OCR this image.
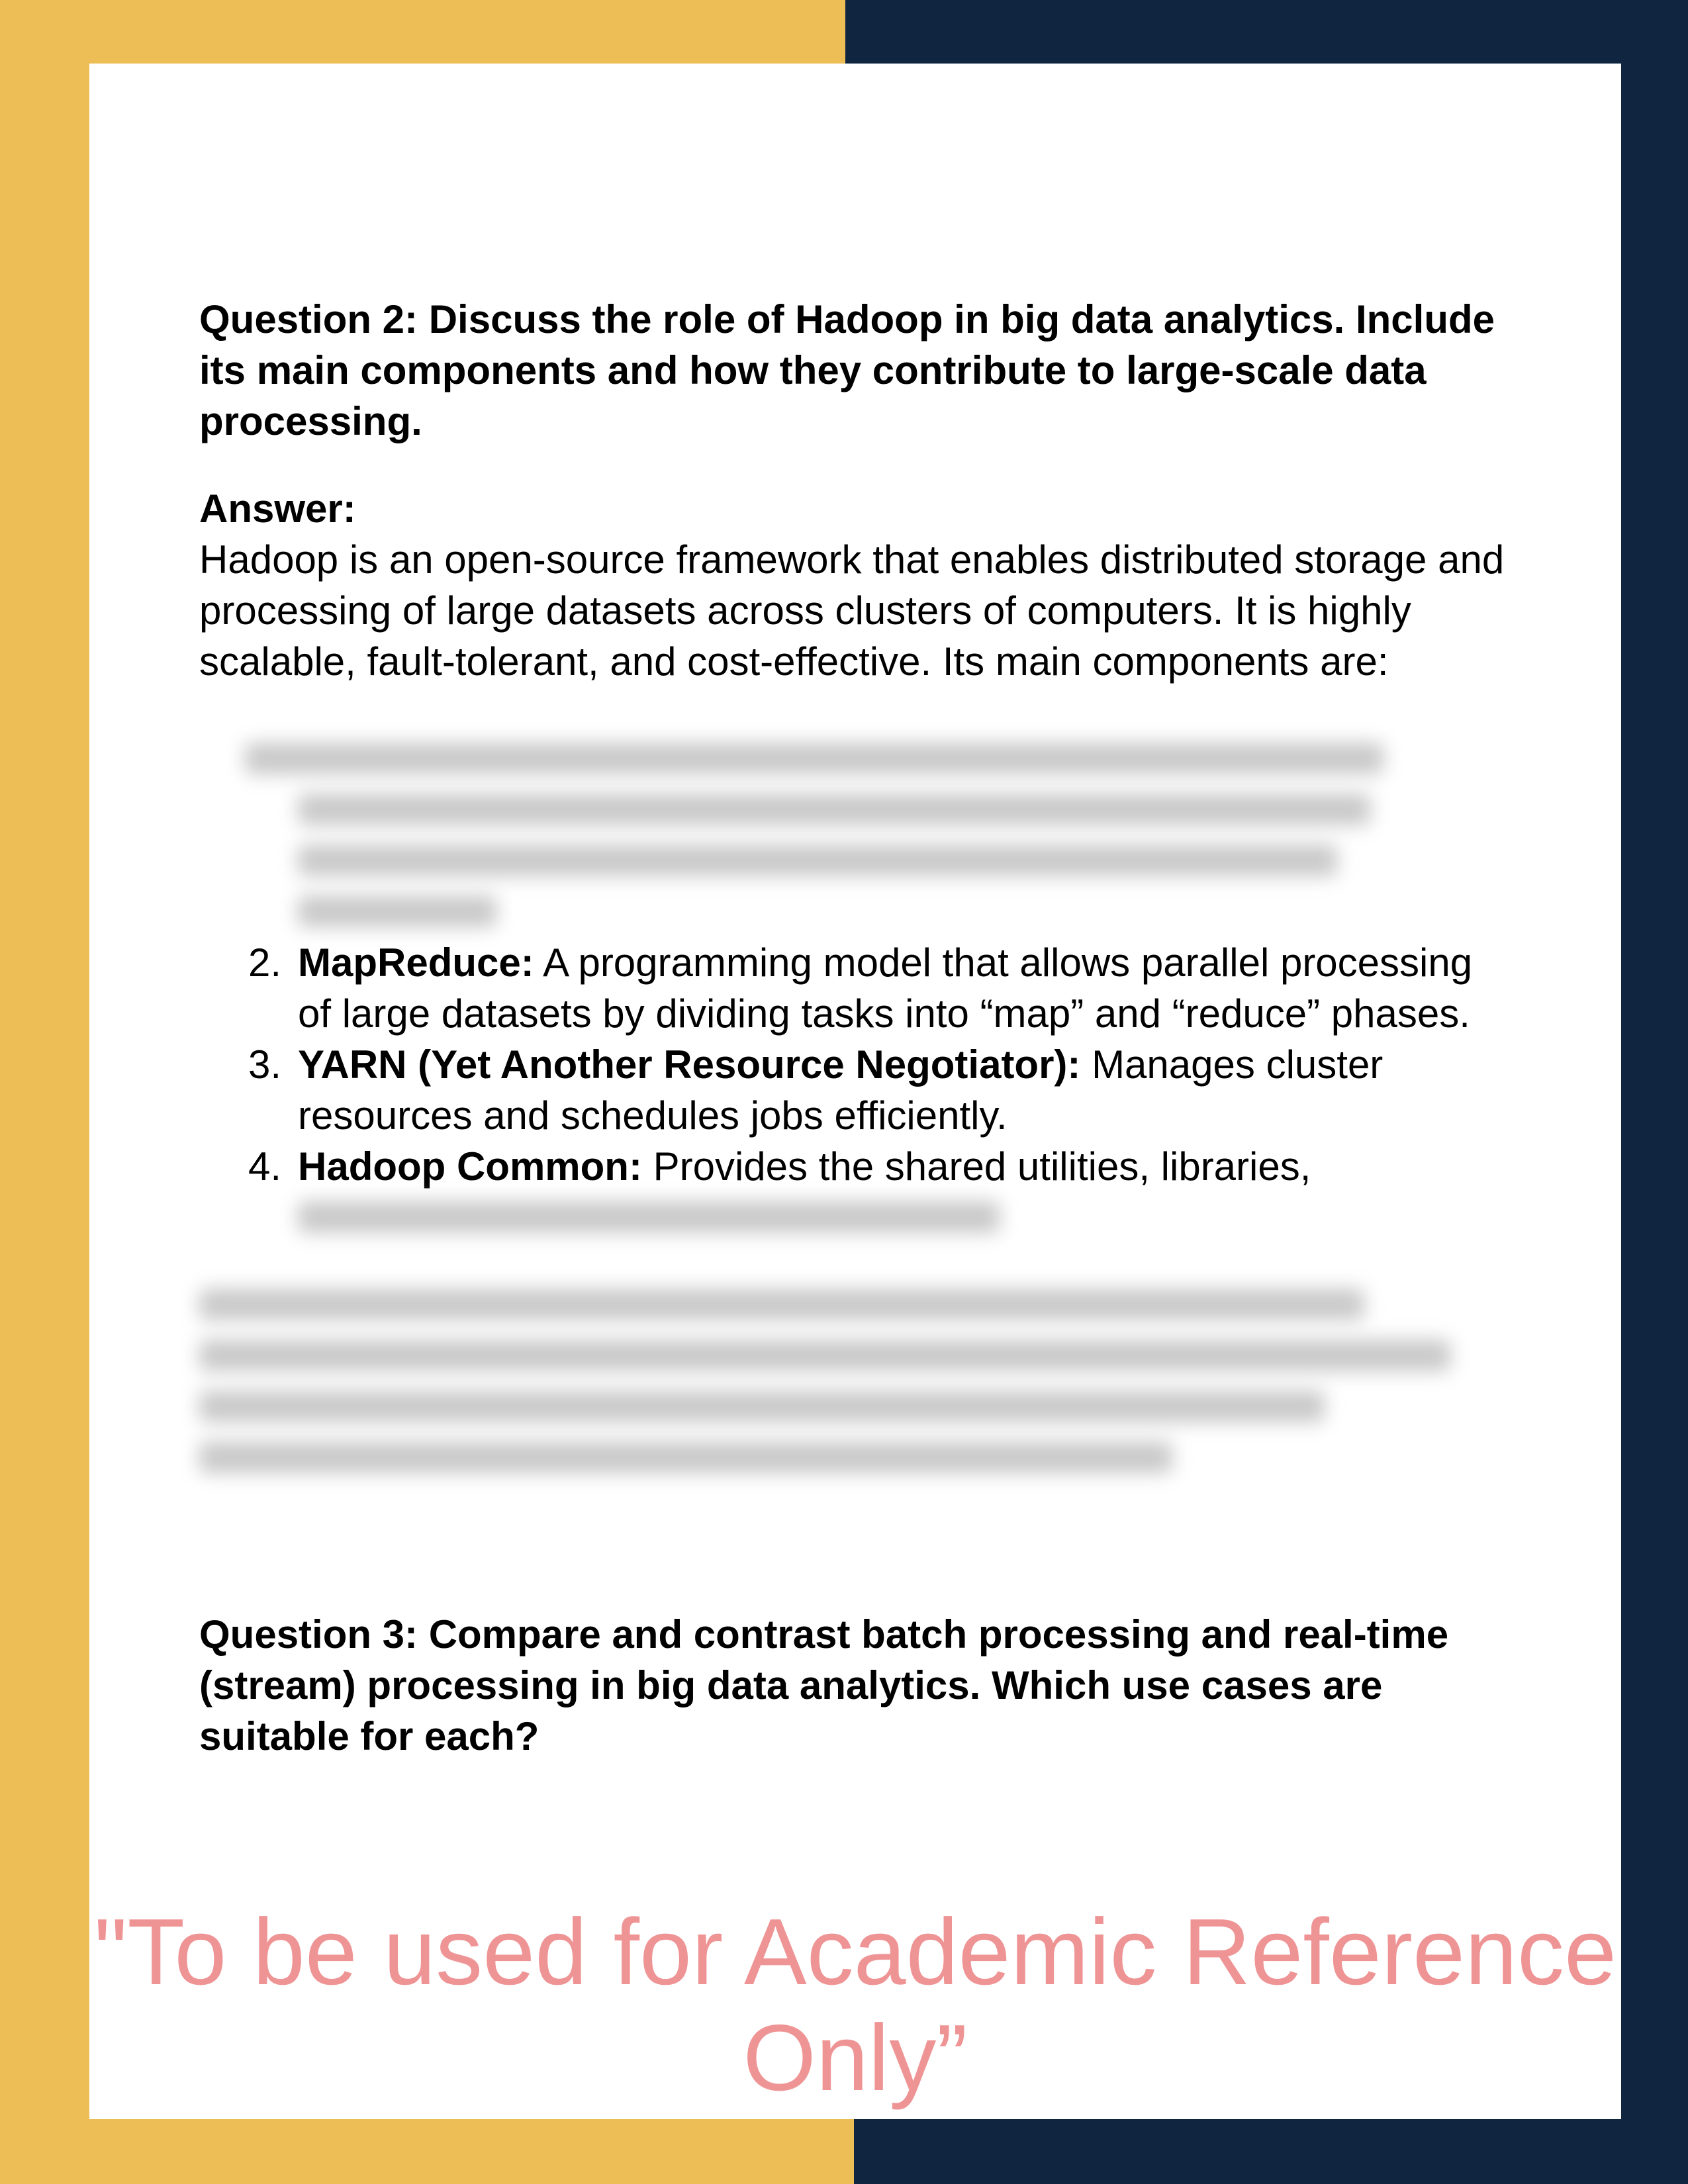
Question 2: Discuss the role of Hadoop in big data analytics. Include its main components and how they contribute to large-scale data processing.
Answer:
Hadoop is an open-source framework that enables distributed storage and processing of large datasets across clusters of computers. It is highly scalable, fault-tolerant, and cost-effective. Its main components are:
2. MapReduce: A programming model that allows parallel processing of large datasets by dividing tasks into “map” and “reduce” phases.
3. YARN (Yet Another Resource Negotiator): Manages cluster resources and schedules jobs efficiently.
4. Hadoop Common: Provides the shared utilities, libraries,
Question 3: Compare and contrast batch processing and real-time (stream) processing in big data analytics. Which use cases are suitable for each?
"To be used for Academic Reference Only”
